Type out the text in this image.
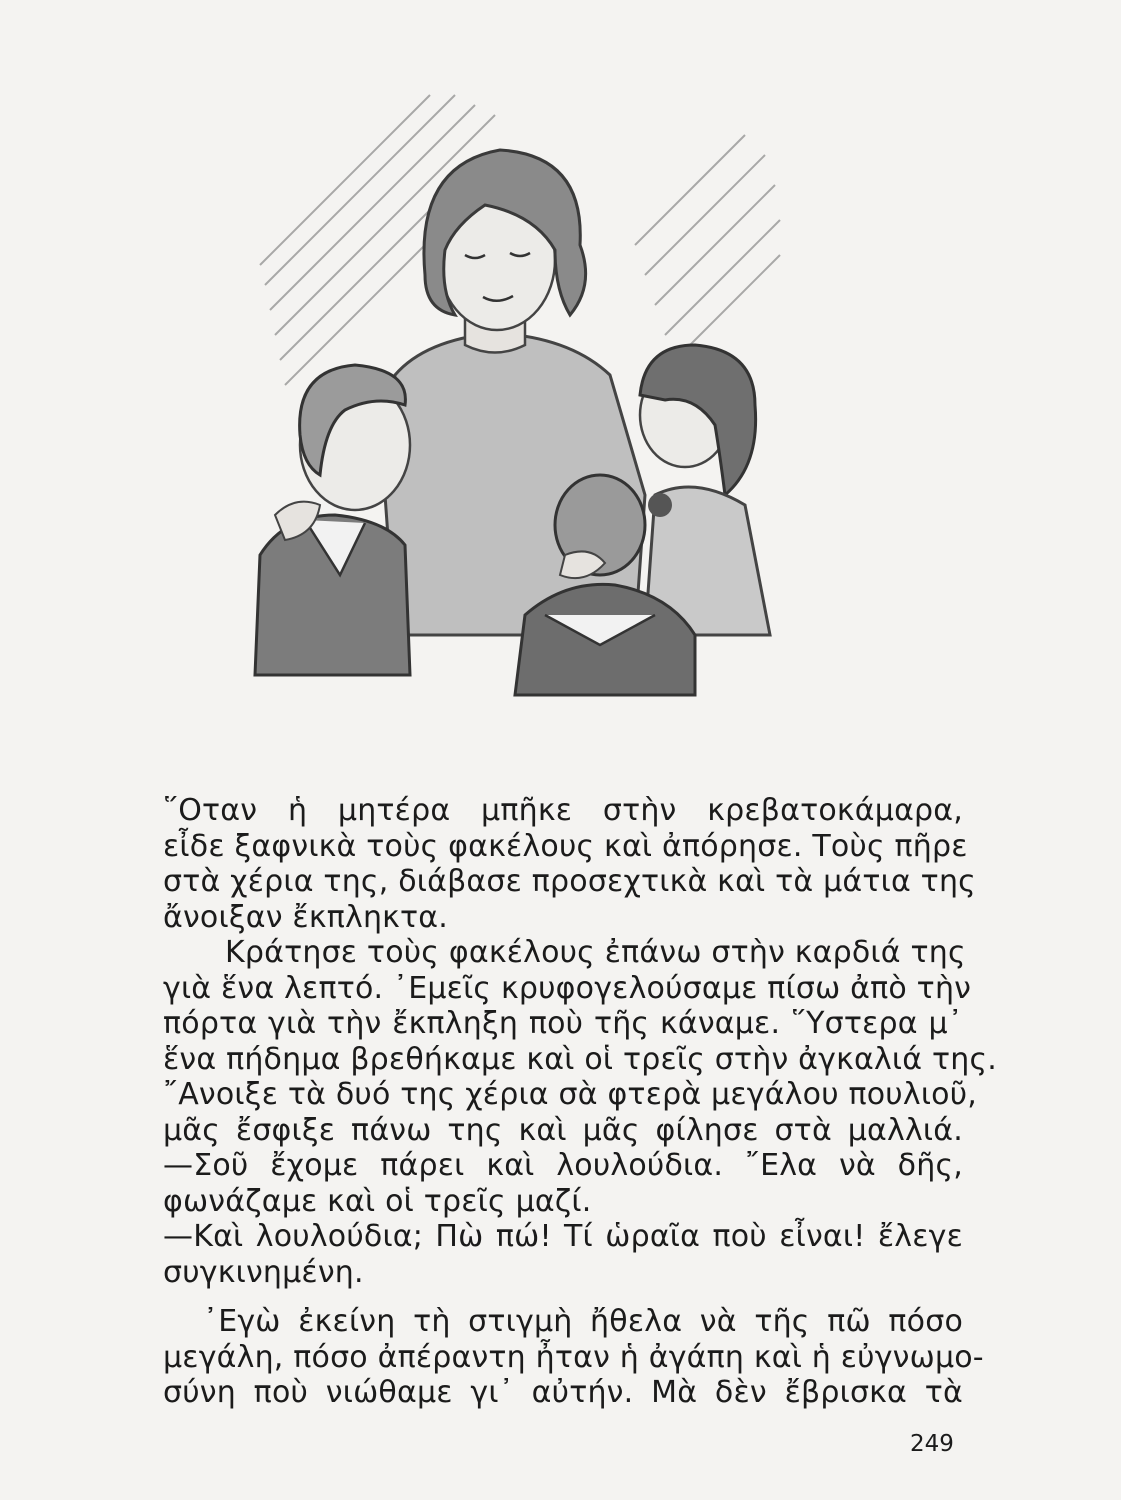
῞Οταν ἡ μητέρα μπῆκε στὴν κρεβατοκάμαρα,
εἶδε ξαφνικὰ τοὺς φακέλους καὶ ἀπόρησε. Τοὺς πῆρε
στὰ χέρια της, διάβασε προσεχτικὰ καὶ τὰ μάτια της
ἄνοιξαν ἔκπληκτα.
Κράτησε τοὺς φακέλους ἐπάνω στὴν καρδιά της
γιὰ ἕνα λεπτό. ᾿Εμεῖς κρυφογελούσαμε πίσω ἀπὸ τὴν
πόρτα γιὰ τὴν ἔκπληξη ποὺ τῆς κάναμε. ῞Υστερα μ᾿
ἕνα πήδημα βρεθήκαμε καὶ οἱ τρεῖς στὴν ἀγκαλιά της.
῎Ανοιξε τὰ δυό της χέρια σὰ φτερὰ μεγάλου πουλιοῦ,
μᾶς ἔσφιξε πάνω της καὶ μᾶς φίλησε στὰ μαλλιά.
—Σοῦ ἔχομε πάρει καὶ λουλούδια. ῎Ελα νὰ δῆς,
φωνάζαμε καὶ οἱ τρεῖς μαζί.
—Καὶ λουλούδια; Πὼ πώ! Τί ὡραῖα ποὺ εἶναι! ἔλεγε
συγκινημένη.
᾿Εγὼ ἐκείνη τὴ στιγμὴ ἤθελα νὰ τῆς πῶ πόσο
μεγάλη, πόσο ἀπέραντη ἦταν ἡ ἀγάπη καὶ ἡ εὐγνωμο-
σύνη ποὺ νιώθαμε γι᾿ αὐτήν. Μὰ δὲν ἔβρισκα τὰ
249
